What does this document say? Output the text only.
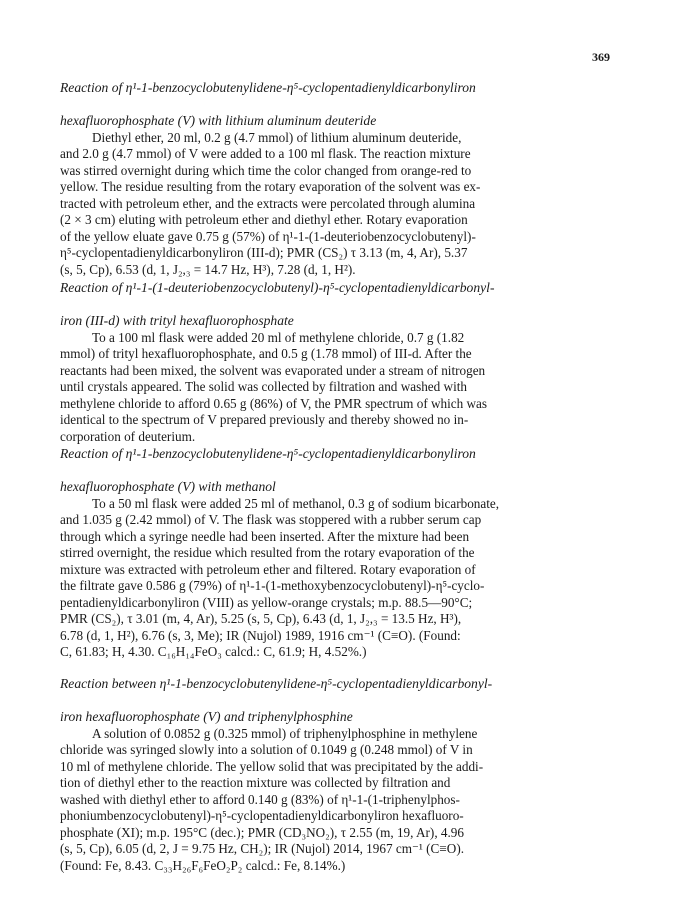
369

Reaction of η¹-1-benzocyclobutenylidene-η⁵-cyclopentadienyldicarbonyliron

hexafluorophosphate (V) with lithium aluminum deuteride

Diethyl ether, 20 ml, 0.2 g (4.7 mmol) of lithium aluminum deuteride,
and 2.0 g (4.7 mmol) of V were added to a 100 ml flask. The reaction mixture
was stirred overnight during which time the color changed from orange-red to
yellow. The residue resulting from the rotary evaporation of the solvent was ex-
tracted with petroleum ether, and the extracts were percolated through alumina
(2 × 3 cm) eluting with petroleum ether and diethyl ether. Rotary evaporation
of the yellow eluate gave 0.75 g (57%) of η¹-1-(1-deuteriobenzocyclobutenyl)-
η⁵-cyclopentadienyldicarbonyliron (III-d); PMR (CS₂) τ 3.13 (m, 4, Ar), 5.37
(s, 5, Cp), 6.53 (d, 1, J₂,₃ = 14.7 Hz, H³), 7.28 (d, 1, H²).

Reaction of η¹-1-(1-deuteriobenzocyclobutenyl)-η⁵-cyclopentadienyldicarbonyl-

iron (III-d) with trityl hexafluorophosphate

To a 100 ml flask were added 20 ml of methylene chloride, 0.7 g (1.82
mmol) of trityl hexafluorophosphate, and 0.5 g (1.78 mmol) of III-d. After the
reactants had been mixed, the solvent was evaporated under a stream of nitrogen
until crystals appeared. The solid was collected by filtration and washed with
methylene chloride to afford 0.65 g (86%) of V, the PMR spectrum of which was
identical to the spectrum of V prepared previously and thereby showed no in-
corporation of deuterium.

Reaction of η¹-1-benzocyclobutenylidene-η⁵-cyclopentadienyldicarbonyliron

hexafluorophosphate (V) with methanol

To a 50 ml flask were added 25 ml of methanol, 0.3 g of sodium bicarbonate,
and 1.035 g (2.42 mmol) of V. The flask was stoppered with a rubber serum cap
through which a syringe needle had been inserted. After the mixture had been
stirred overnight, the residue which resulted from the rotary evaporation of the
mixture was extracted with petroleum ether and filtered. Rotary evaporation of
the filtrate gave 0.586 g (79%) of η¹-1-(1-methoxybenzocyclobutenyl)-η⁵-cyclo-
pentadienyldicarbonyliron (VIII) as yellow-orange crystals; m.p. 88.5—90°C;
PMR (CS₂), τ 3.01 (m, 4, Ar), 5.25 (s, 5, Cp), 6.43 (d, 1, J₂,₃ = 13.5 Hz, H³),
6.78 (d, 1, H²), 6.76 (s, 3, Me); IR (Nujol) 1989, 1916 cm⁻¹ (C≡O). (Found:
C, 61.83; H, 4.30. C₁₆H₁₄FeO₃ calcd.: C, 61.9; H, 4.52%.)

Reaction between η¹-1-benzocyclobutenylidene-η⁵-cyclopentadienyldicarbonyl-

iron hexafluorophosphate (V) and triphenylphosphine

A solution of 0.0852 g (0.325 mmol) of triphenylphosphine in methylene
chloride was syringed slowly into a solution of 0.1049 g (0.248 mmol) of V in
10 ml of methylene chloride. The yellow solid that was precipitated by the addi-
tion of diethyl ether to the reaction mixture was collected by filtration and
washed with diethyl ether to afford 0.140 g (83%) of η¹-1-(1-triphenylphos-
phoniumbenzocyclobutenyl)-η⁵-cyclopentadienyldicarbonyliron hexafluoro-
phosphate (XI); m.p. 195°C (dec.); PMR (CD₃NO₂), τ 2.55 (m, 19, Ar), 4.96
(s, 5, Cp), 6.05 (d, 2, J = 9.75 Hz, CH₂); IR (Nujol) 2014, 1967 cm⁻¹ (C≡O).
(Found: Fe, 8.43. C₃₃H₂₆F₆FeO₂P₂ calcd.: Fe, 8.14%.)
